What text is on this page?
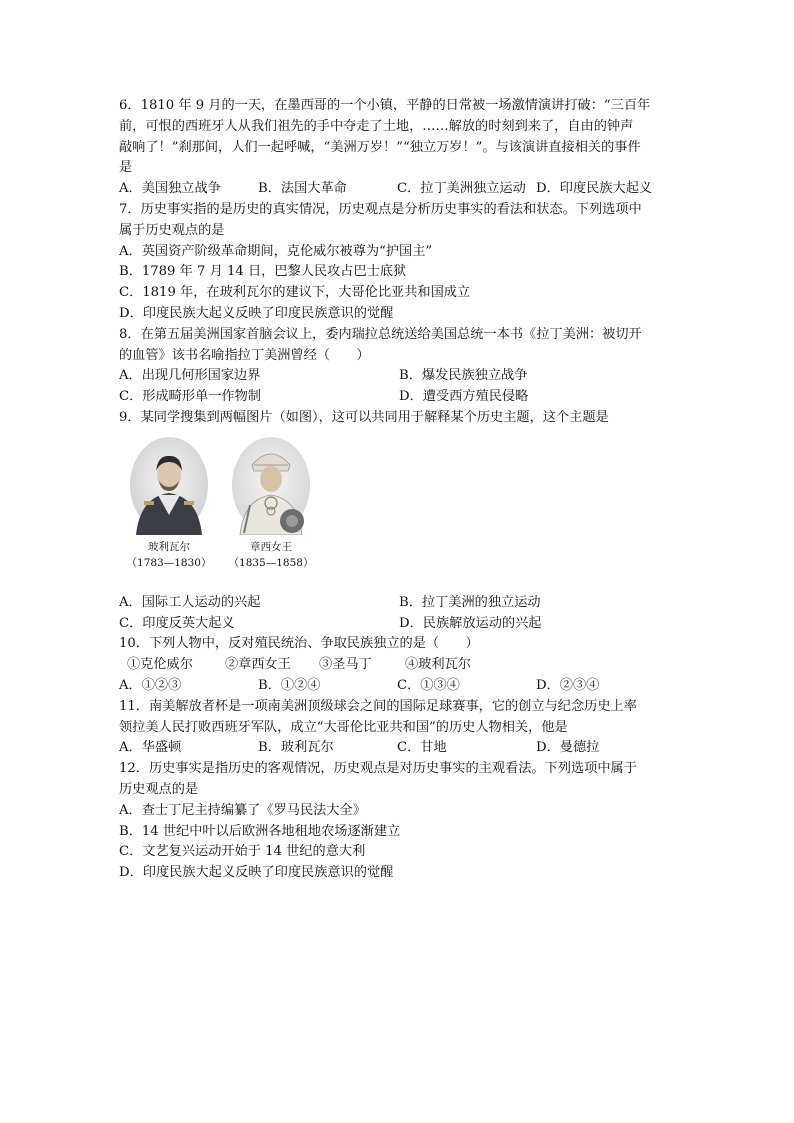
6．1810 年 9 月的一天，在墨西哥的一个小镇，平静的日常被一场激情演讲打破：“三百年
前，可恨的西班牙人从我们祖先的手中夺走了土地，……解放的时刻到来了，自由的钟声
敲响了！”刹那间，人们一起呼喊，“美洲万岁！”“独立万岁！”。与该演讲直接相关的事件
是
A．美国独立战争	B．法国大革命	C．拉丁美洲独立运动 D．印度民族大起义
7．历史事实指的是历史的真实情况，历史观点是分析历史事实的看法和状态。下列选项中
属于历史观点的是
A．英国资产阶级革命期间，克伦威尔被尊为“护国主”
B．1789 年 7 月 14 日，巴黎人民攻占巴士底狱
C．1819 年，在玻利瓦尔的建议下，大哥伦比亚共和国成立
D．印度民族大起义反映了印度民族意识的觉醒
8．在第五届美洲国家首脑会议上，委内瑞拉总统送给美国总统一本书《拉丁美洲：被切开
的血管》该书名喻指拉丁美洲曾经（　　）
A．出现几何形国家边界	B．爆发民族独立战争
C．形成畸形单一作物制	D．遭受西方殖民侵略
9．某同学搜集到两幅图片（如图），这可以共同用于解释某个历史主题，这个主题是
玻利瓦尔
（1783—1830）
章西女王
（1835—1858）
A．国际工人运动的兴起	B．拉丁美洲的独立运动
C．印度反英大起义	D．民族解放运动的兴起
10．下列人物中，反对殖民统治、争取民族独立的是（　　）
①克伦威尔	②章西女王	③圣马丁	④玻利瓦尔
A．①②③	B．①②④	C．①③④	D．②③④
11．南美解放者杯是一项南美洲顶级球会之间的国际足球赛事，它的创立与纪念历史上率
领拉美人民打败西班牙军队，成立“大哥伦比亚共和国”的历史人物相关，他是
A．华盛顿	B．玻利瓦尔	C．甘地	D．曼德拉
12．历史事实是指历史的客观情况，历史观点是对历史事实的主观看法。下列选项中属于
历史观点的是
A．查士丁尼主持编纂了《罗马民法大全》
B．14 世纪中叶以后欧洲各地租地农场逐渐建立
C．文艺复兴运动开始于 14 世纪的意大利
D．印度民族大起义反映了印度民族意识的觉醒
